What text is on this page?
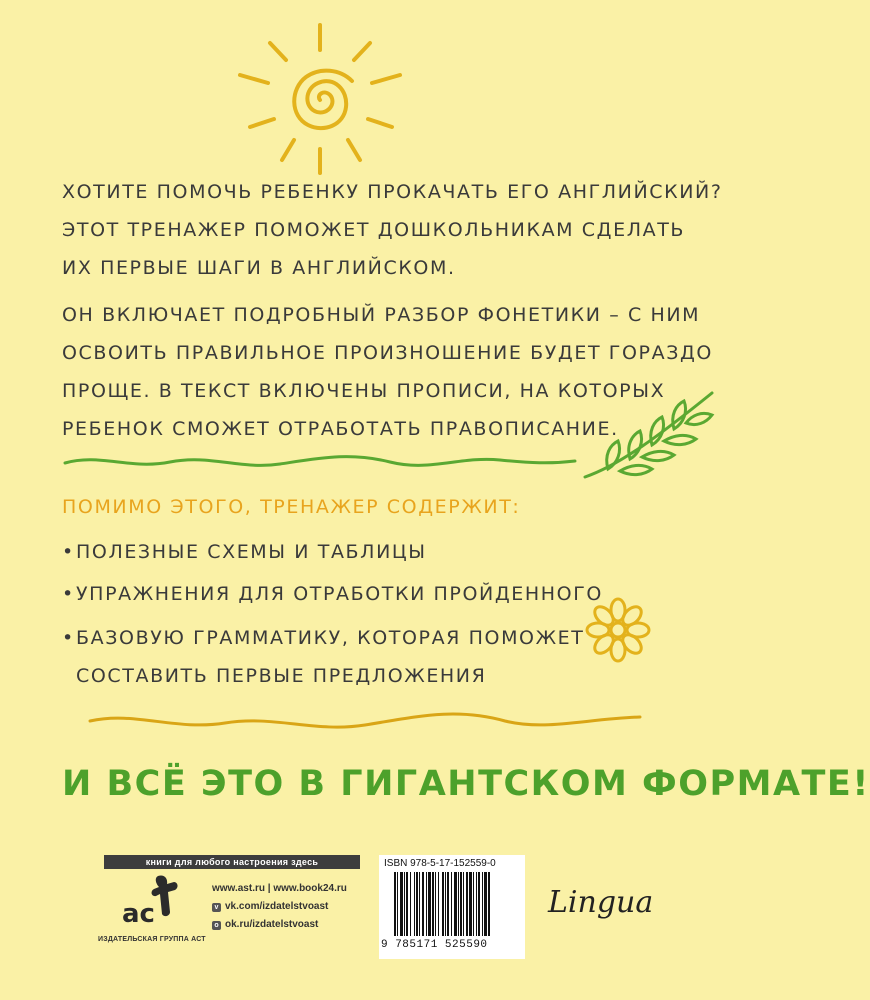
ХОТИТЕ ПОМОЧЬ РЕБЕНКУ ПРОКАЧАТЬ ЕГО АНГЛИЙСКИЙ?
ЭТОТ ТРЕНАЖЕР ПОМОЖЕТ ДОШКОЛЬНИКАМ СДЕЛАТЬ
ИХ ПЕРВЫЕ ШАГИ В АНГЛИЙСКОМ.
ОН ВКЛЮЧАЕТ ПОДРОБНЫЙ РАЗБОР ФОНЕТИКИ – С НИМ
ОСВОИТЬ ПРАВИЛЬНОЕ ПРОИЗНОШЕНИЕ БУДЕТ ГОРАЗДО
ПРОЩЕ. В ТЕКСТ ВКЛЮЧЕНЫ ПРОПИСИ, НА КОТОРЫХ
РЕБЕНОК СМОЖЕТ ОТРАБОТАТЬ ПРАВОПИСАНИЕ.
ПОМИМО ЭТОГО, ТРЕНАЖЕР СОДЕРЖИТ:
•ПОЛЕЗНЫЕ СХЕМЫ И ТАБЛИЦЫ
•УПРАЖНЕНИЯ ДЛЯ ОТРАБОТКИ ПРОЙДЕННОГО
•БАЗОВУЮ ГРАММАТИКУ, КОТОРАЯ ПОМОЖЕТ
СОСТАВИТЬ ПЕРВЫЕ ПРЕДЛОЖЕНИЯ
И ВСЁ ЭТО В ГИГАНТСКОМ ФОРМАТЕ!
книги для любого настроения здесь
ac
ИЗДАТЕЛЬСКАЯ ГРУППА АСТ
www.ast.ru | www.book24.ru
v vk.com/izdatelstvoast
o ok.ru/izdatelstvoast
ISBN 978-5-17-152559-0
9 785171 525590
Lingua
